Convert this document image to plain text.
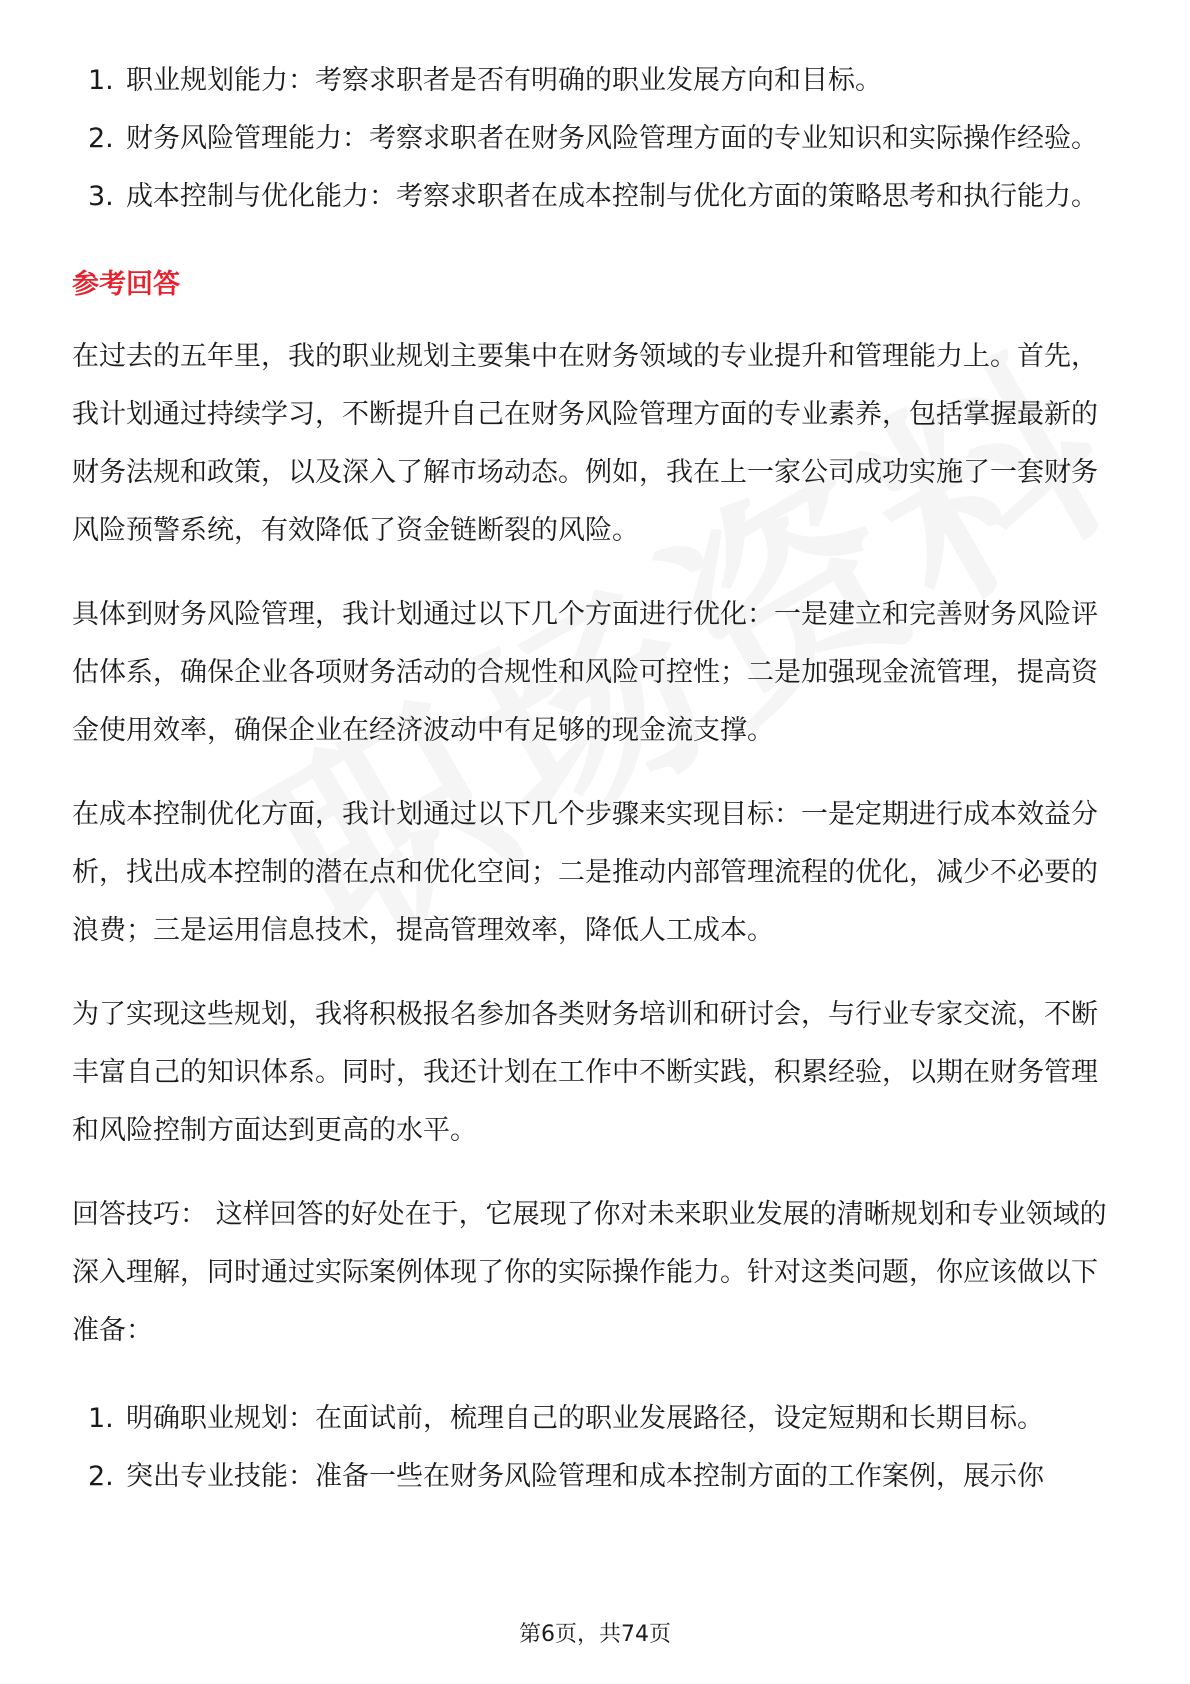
1. 职业规划能力：考察求职者是否有明确的职业发展方向和目标。
2. 财务风险管理能力：考察求职者在财务风险管理方面的专业知识和实际操作经验。
3. 成本控制与优化能力：考察求职者在成本控制与优化方面的策略思考和执行能力。
参考回答

在过去的五年里，我的职业规划主要集中在财务领域的专业提升和管理能力上。首先，我计划通过持续学习，不断提升自己在财务风险管理方面的专业素养，包括掌握最新的财务法规和政策，以及深入了解市场动态。例如，我在上一家公司成功实施了一套财务风险预警系统，有效降低了资金链断裂的风险。

具体到财务风险管理，我计划通过以下几个方面进行优化：一是建立和完善财务风险评估体系，确保企业各项财务活动的合规性和风险可控性；二是加强现金流管理，提高资金使用效率，确保企业在经济波动中有足够的现金流支撑。

在成本控制优化方面，我计划通过以下几个步骤来实现目标：一是定期进行成本效益分析，找出成本控制的潜在点和优化空间；二是推动内部管理流程的优化，减少不必要的浪费；三是运用信息技术，提高管理效率，降低人工成本。

为了实现这些规划，我将积极报名参加各类财务培训和研讨会，与行业专家交流，不断丰富自己的知识体系。同时，我还计划在工作中不断实践，积累经验，以期在财务管理和风险控制方面达到更高的水平。

回答技巧： 这样回答的好处在于，它展现了你对未来职业发展的清晰规划和专业领域的深入理解，同时通过实际案例体现了你的实际操作能力。针对这类问题，你应该做以下准备：

1. 明确职业规划：在面试前，梳理自己的职业发展路径，设定短期和长期目标。
2. 突出专业技能：准备一些在财务风险管理和成本控制方面的工作案例，展示你
第6页，共74页
